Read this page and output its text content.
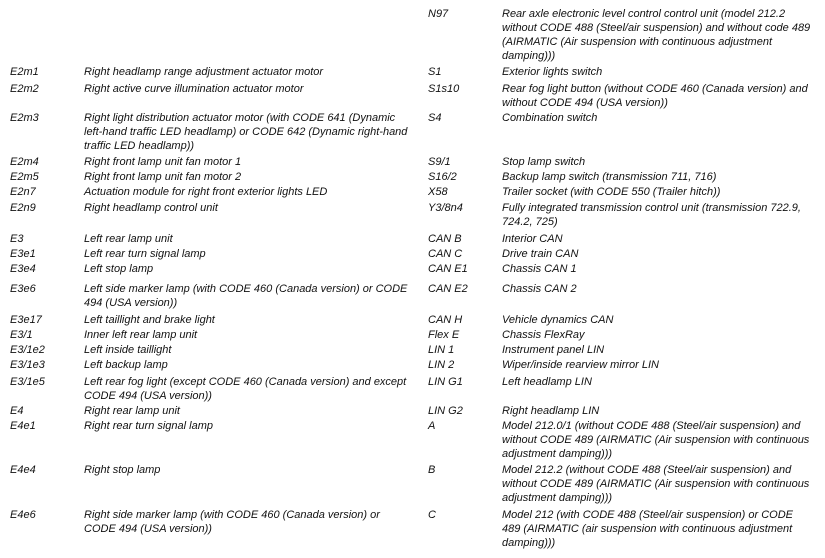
E2m1	Right headlamp range adjustment actuator motor
E2m2	Right active curve illumination actuator motor
E2m3	Right light distribution actuator motor (with CODE 641 (Dynamic left-hand traffic LED headlamp) or CODE 642 (Dynamic right-hand traffic LED headlamp))
E2m4	Right front lamp unit fan motor 1
E2m5	Right front lamp unit fan motor 2
E2n7	Actuation module for right front exterior lights LED
E2n9	Right headlamp control unit
E3	Left rear lamp unit
E3e1	Left rear turn signal lamp
E3e4	Left stop lamp
E3e6	Left side marker lamp (with CODE 460 (Canada version) or CODE 494 (USA version))
E3e17	Left taillight and brake light
E3/1	Inner left rear lamp unit
E3/1e2	Left inside taillight
E3/1e3	Left backup lamp
E3/1e5	Left rear fog light (except CODE 460 (Canada version) and except CODE 494 (USA version))
E4	Right rear lamp unit
E4e1	Right rear turn signal lamp
E4e4	Right stop lamp
E4e6	Right side marker lamp (with CODE 460 (Canada version) or CODE 494 (USA version))
N97	Rear axle electronic level control control unit (model 212.2 without CODE 488 (Steel/air suspension) and without code 489 (AIRMATIC (Air suspension with continuous adjustment damping)))
S1	Exterior lights switch
S1s10	Rear fog light button (without CODE 460 (Canada version) and without CODE 494 (USA version))
S4	Combination switch
S9/1	Stop lamp switch
S16/2	Backup lamp switch (transmission 711, 716)
X58	Trailer socket (with CODE 550 (Trailer hitch))
Y3/8n4	Fully integrated transmission control unit (transmission 722.9, 724.2, 725)
CAN B	Interior CAN
CAN C	Drive train CAN
CAN E1	Chassis CAN 1
CAN E2	Chassis CAN 2
CAN H	Vehicle dynamics CAN
Flex E	Chassis FlexRay
LIN 1	Instrument panel LIN
LIN 2	Wiper/inside rearview mirror LIN
LIN G1	Left headlamp LIN
LIN G2	Right headlamp LIN
A	Model 212.0/1 (without CODE 488 (Steel/air suspension) and without CODE 489 (AIRMATIC (Air suspension with continuous adjustment damping)))
B	Model 212.2 (without CODE 488 (Steel/air suspension) and without CODE 489 (AIRMATIC (Air suspension with continuous adjustment damping)))
C	Model 212 (with CODE 488 (Steel/air suspension) or CODE 489 (AIRMATIC (air suspension with continuous adjustment damping)))
